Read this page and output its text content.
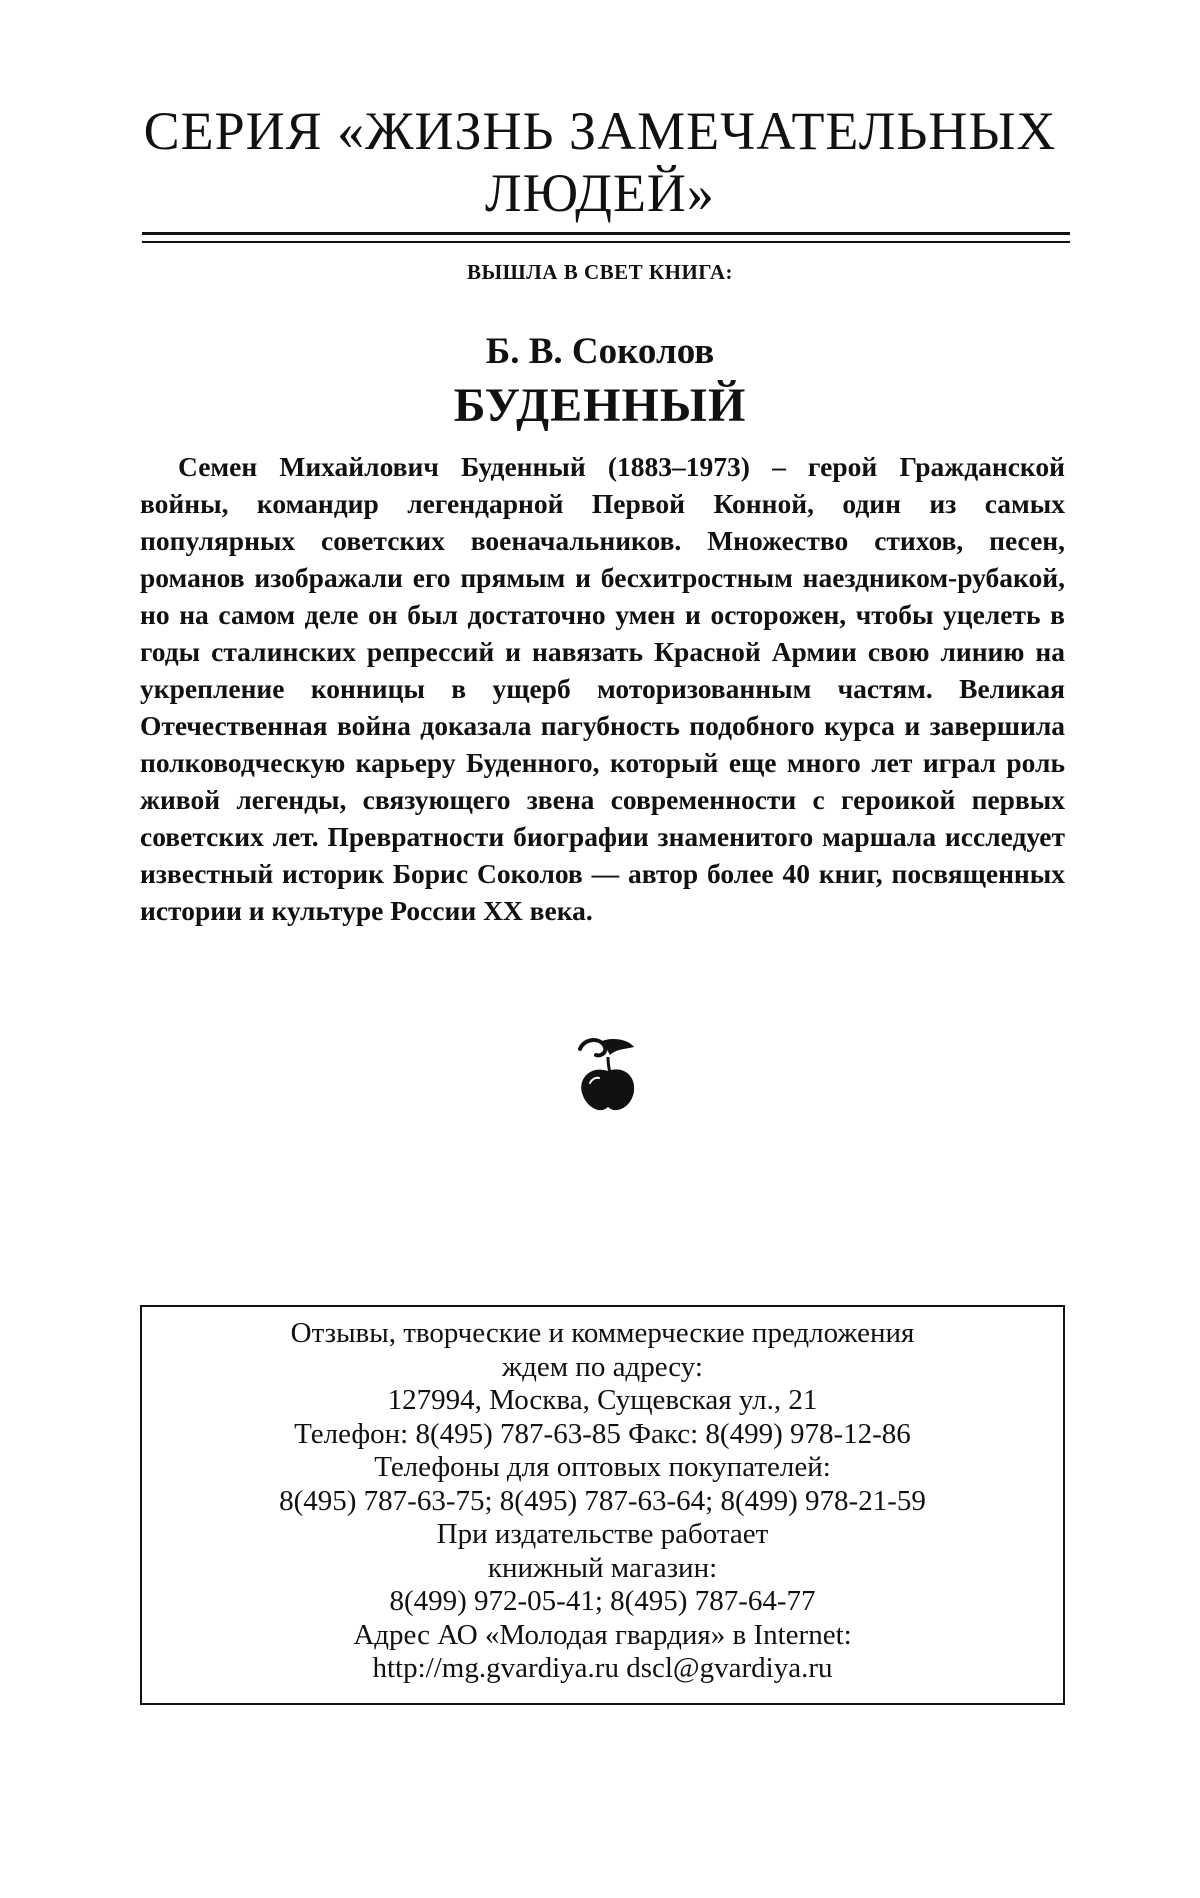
СЕРИЯ «ЖИЗНЬ ЗАМЕЧАТЕЛЬНЫХ
ЛЮДЕЙ»
ВЫШЛА В СВЕТ КНИГА:
Б. В. Соколов
БУДЕННЫЙ

Семен Михайлович Буденный (1883–1973) – герой Гражданской войны, командир легендарной Первой Конной, один из самых популярных советских военачальников. Множество стихов, песен, романов изображали его прямым и бесхитростным наездником-рубакой, но на самом деле он был достаточно умен и осторожен, чтобы уцелеть в годы сталинских репрессий и навязать Красной Армии свою линию на укрепление конницы в ущерб моторизованным частям. Великая Отечественная война доказала пагубность подобного курса и завершила полководческую карьеру Буденного, который еще много лет играл роль живой легенды, связующего звена современности с героикой первых советских лет. Превратности биографии знаменитого маршала исследует известный историк Борис Соколов — автор более 40 книг, посвященных истории и культуре России XX века.

Отзывы, творческие и коммерческие предложения
ждем по адресу:
127994, Москва, Сущевская ул., 21
Телефон: 8(495) 787-63-85 Факс: 8(499) 978-12-86
Телефоны для оптовых покупателей:
8(495) 787-63-75; 8(495) 787-63-64; 8(499) 978-21-59
При издательстве работает
книжный магазин:
8(499) 972-05-41; 8(495) 787-64-77
Адрес АО «Молодая гвардия» в Internet:
http://mg.gvardiya.ru dscl@gvardiya.ru
